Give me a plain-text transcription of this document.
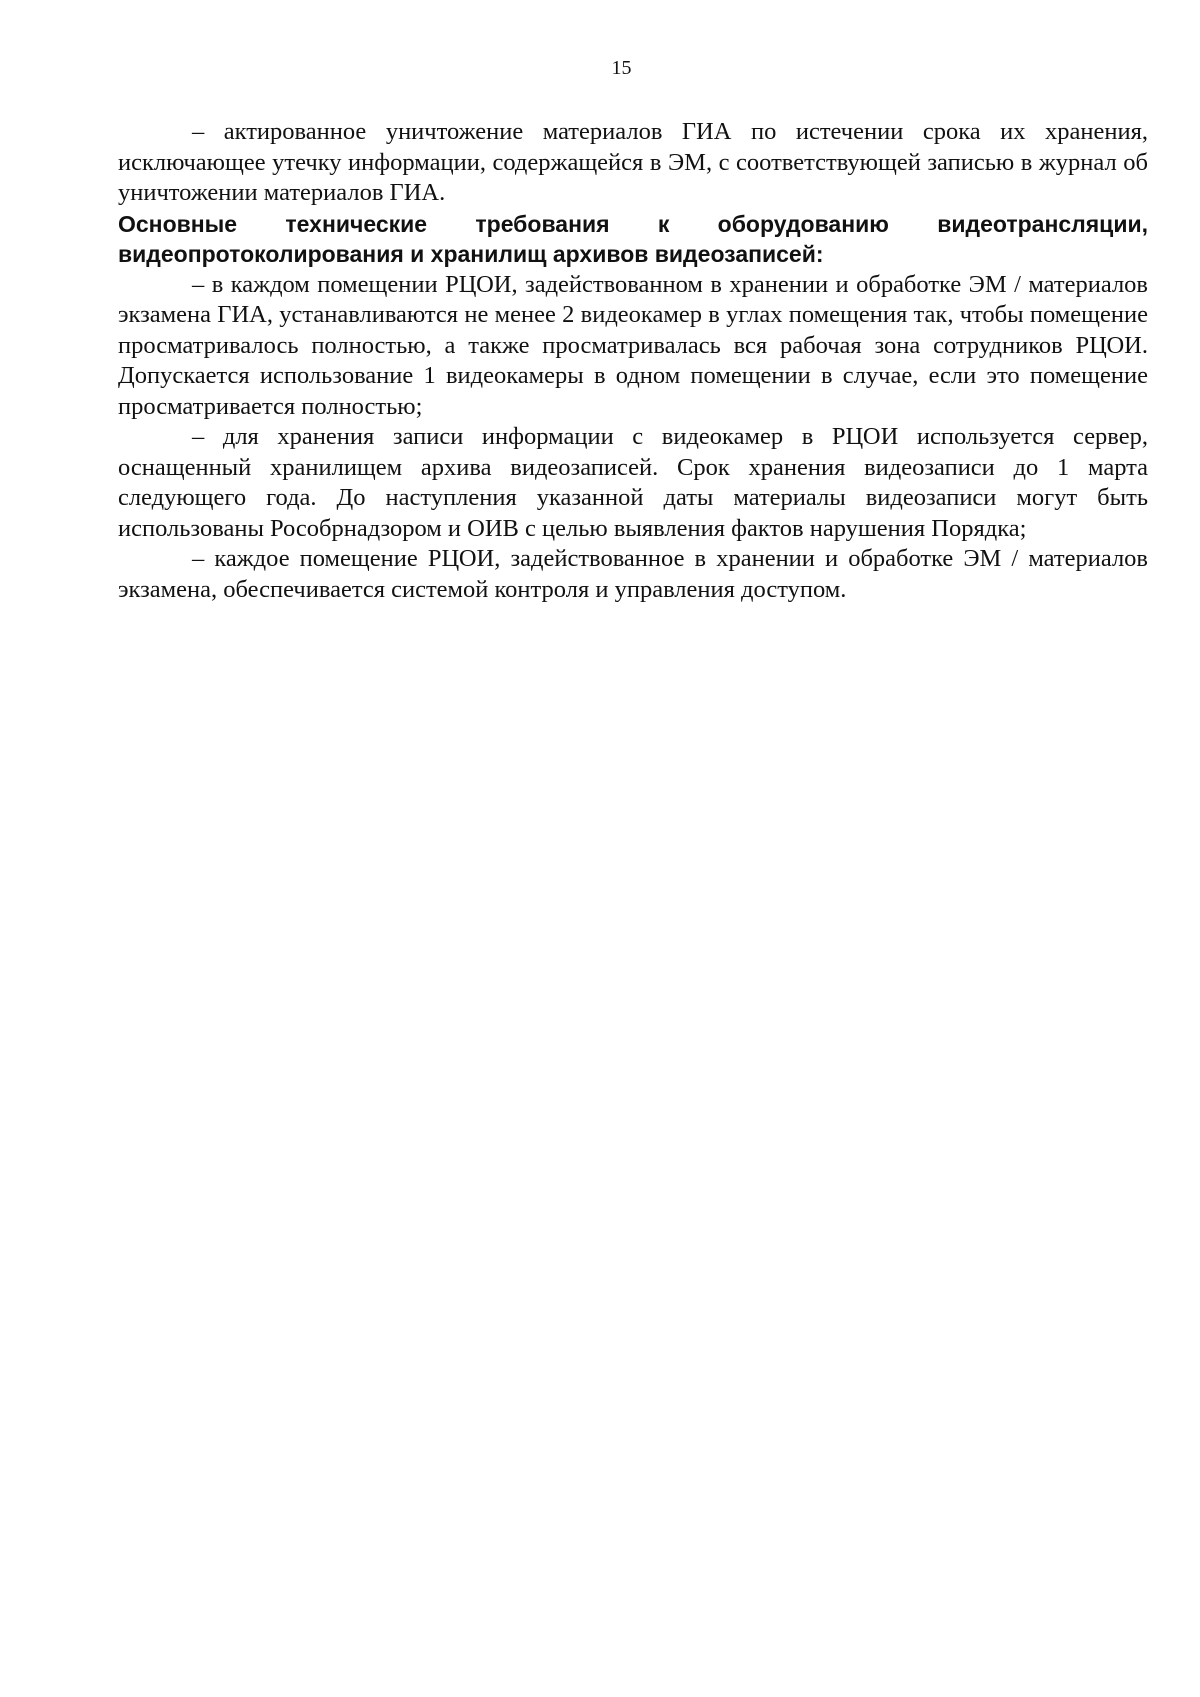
15

– актированное уничтожение материалов ГИА по истечении срока их хранения, исключающее утечку информации, содержащейся в ЭМ, с соответствующей записью в журнал об уничтожении материалов ГИА.

Основные технические требования к оборудованию видеотрансляции, видеопротоколирования и хранилищ архивов видеозаписей:

– в каждом помещении РЦОИ, задействованном в хранении и обработке ЭМ / материалов экзамена ГИА, устанавливаются не менее 2 видеокамер в углах помещения так, чтобы помещение просматривалось полностью, а также просматривалась вся рабочая зона сотрудников РЦОИ. Допускается использование 1 видеокамеры в одном помещении в случае, если это помещение просматривается полностью;

– для хранения записи информации с видеокамер в РЦОИ используется сервер, оснащенный хранилищем архива видеозаписей. Срок хранения видеозаписи до 1 марта следующего года. До наступления указанной даты материалы видеозаписи могут быть использованы Рособрнадзором и ОИВ с целью выявления фактов нарушения Порядка;

– каждое помещение РЦОИ, задействованное в хранении и обработке ЭМ / материалов экзамена, обеспечивается системой контроля и управления доступом.
